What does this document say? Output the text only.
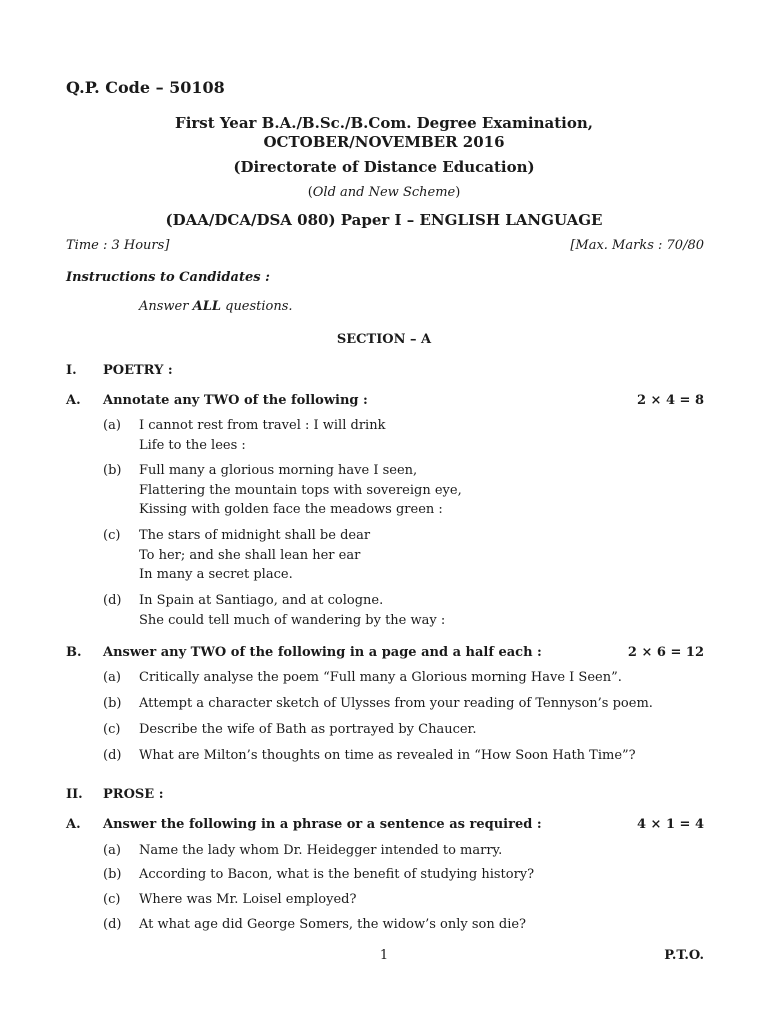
Q.P. Code – 50108
First Year B.A./B.Sc./B.Com. Degree Examination,
OCTOBER/NOVEMBER 2016
(Directorate of Distance Education)
(Old and New Scheme)
(DAA/DCA/DSA 080) Paper I – ENGLISH LANGUAGE
Time : 3 Hours]	[Max. Marks : 70/80
Instructions to Candidates :
Answer ALL questions.
SECTION – A
I. POETRY :
A. Annotate any TWO of the following :	2 × 4 = 8
(a) I cannot rest from travel : I will drink
Life to the lees :
(b) Full many a glorious morning have I seen,
Flattering the mountain tops with sovereign eye,
Kissing with golden face the meadows green :
(c) The stars of midnight shall be dear
To her; and she shall lean her ear
In many a secret place.
(d) In Spain at Santiago, and at cologne.
She could tell much of wandering by the way :
B. Answer any TWO of the following in a page and a half each :	2 × 6 = 12
(a) Critically analyse the poem “Full many a Glorious morning Have I Seen”.
(b) Attempt a character sketch of Ulysses from your reading of Tennyson’s poem.
(c) Describe the wife of Bath as portrayed by Chaucer.
(d) What are Milton’s thoughts on time as revealed in “How Soon Hath Time”?
II. PROSE :
A. Answer the following in a phrase or a sentence as required :	4 × 1 = 4
(a) Name the lady whom Dr. Heidegger intended to marry.
(b) According to Bacon, what is the benefit of studying history?
(c) Where was Mr. Loisel employed?
(d) At what age did George Somers, the widow’s only son die?
1	P.T.O.
